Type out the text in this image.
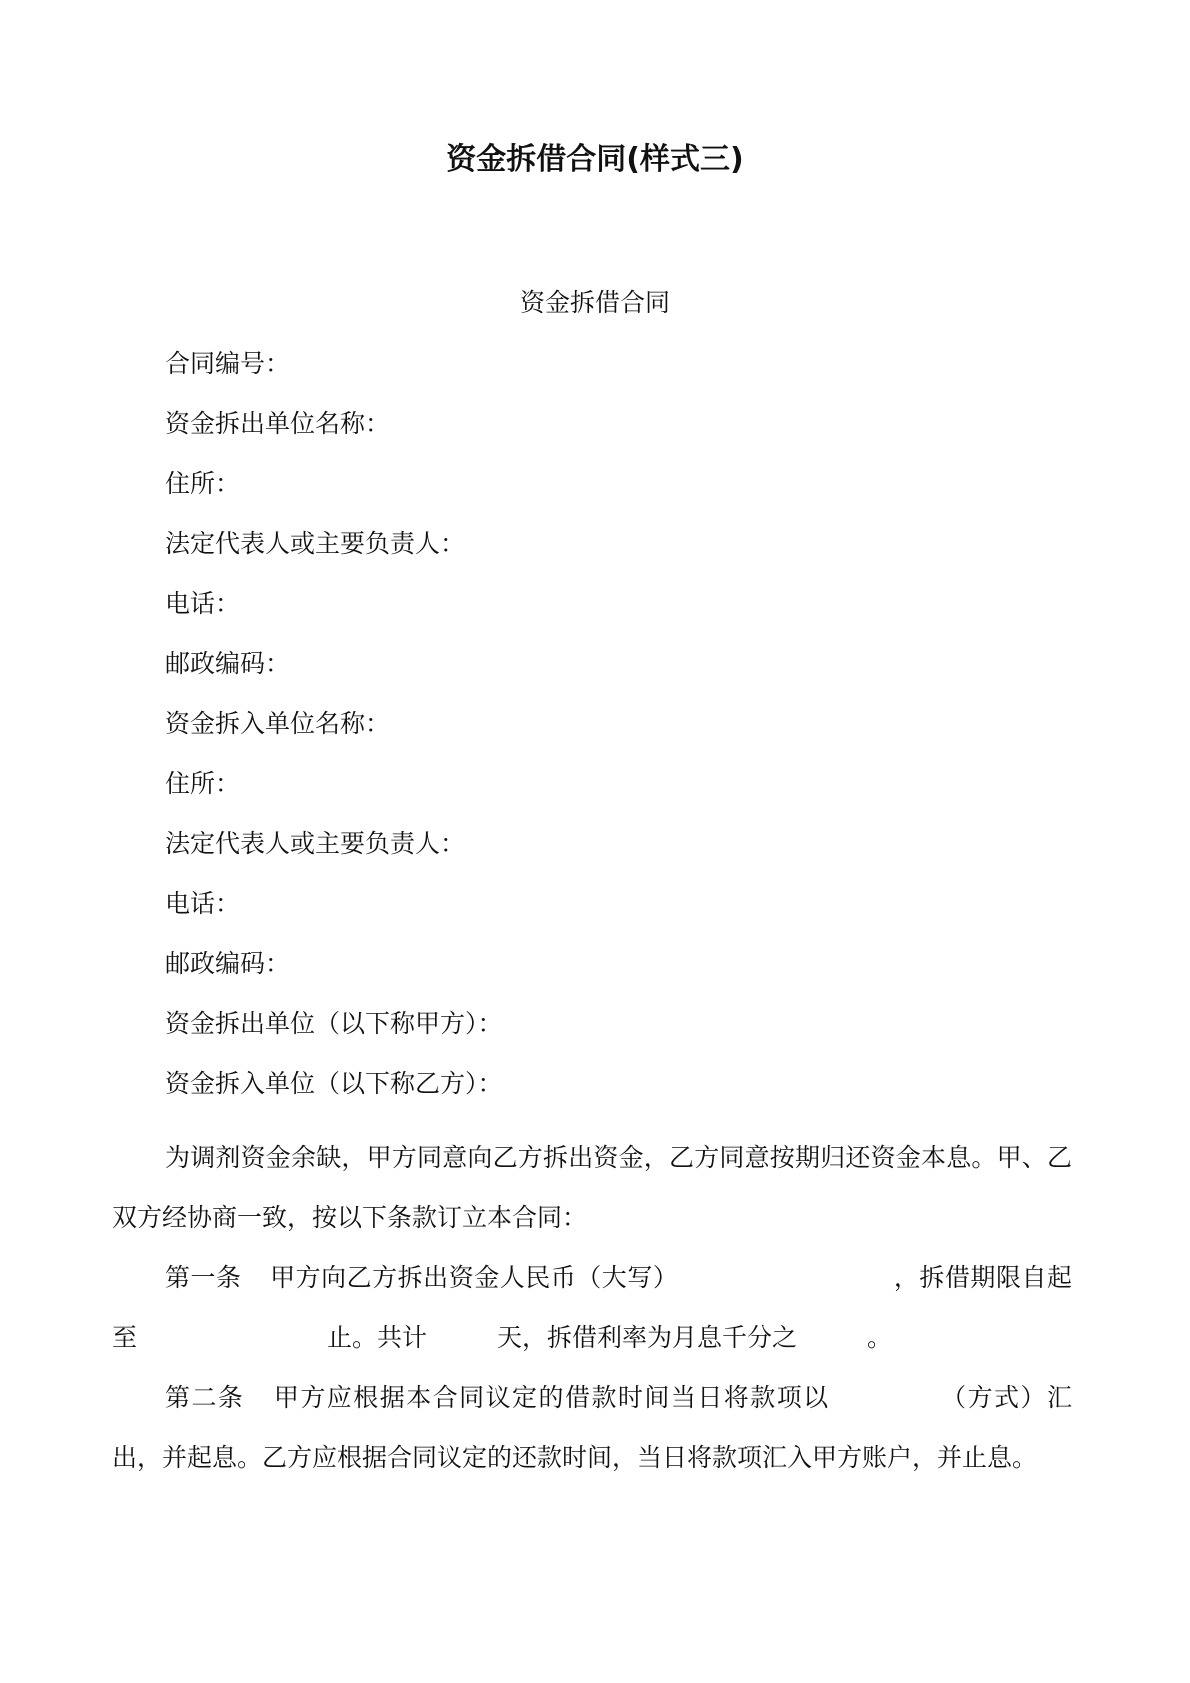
资金拆借合同(样式三)
资金拆借合同
合同编号：
资金拆出单位名称：
住所：
法定代表人或主要负责人：
电话：
邮政编码：
资金拆入单位名称：
住所：
法定代表人或主要负责人：
电话：
邮政编码：
资金拆出单位（以下称甲方）：
资金拆入单位（以下称乙方）：

为调剂资金余缺，甲方同意向乙方拆出资金，乙方同意按期归还资金本息。甲、乙双方经协商一致，按以下条款订立本合同：

第一条 甲方向乙方拆出资金人民币（大写）	，拆借期限自起至	止。共计	天，拆借利率为月息千分之	。

第二条 甲方应根据本合同议定的借款时间当日将款项以	（方式）汇出，并起息。乙方应根据合同议定的还款时间，当日将款项汇入甲方账户，并止息。
